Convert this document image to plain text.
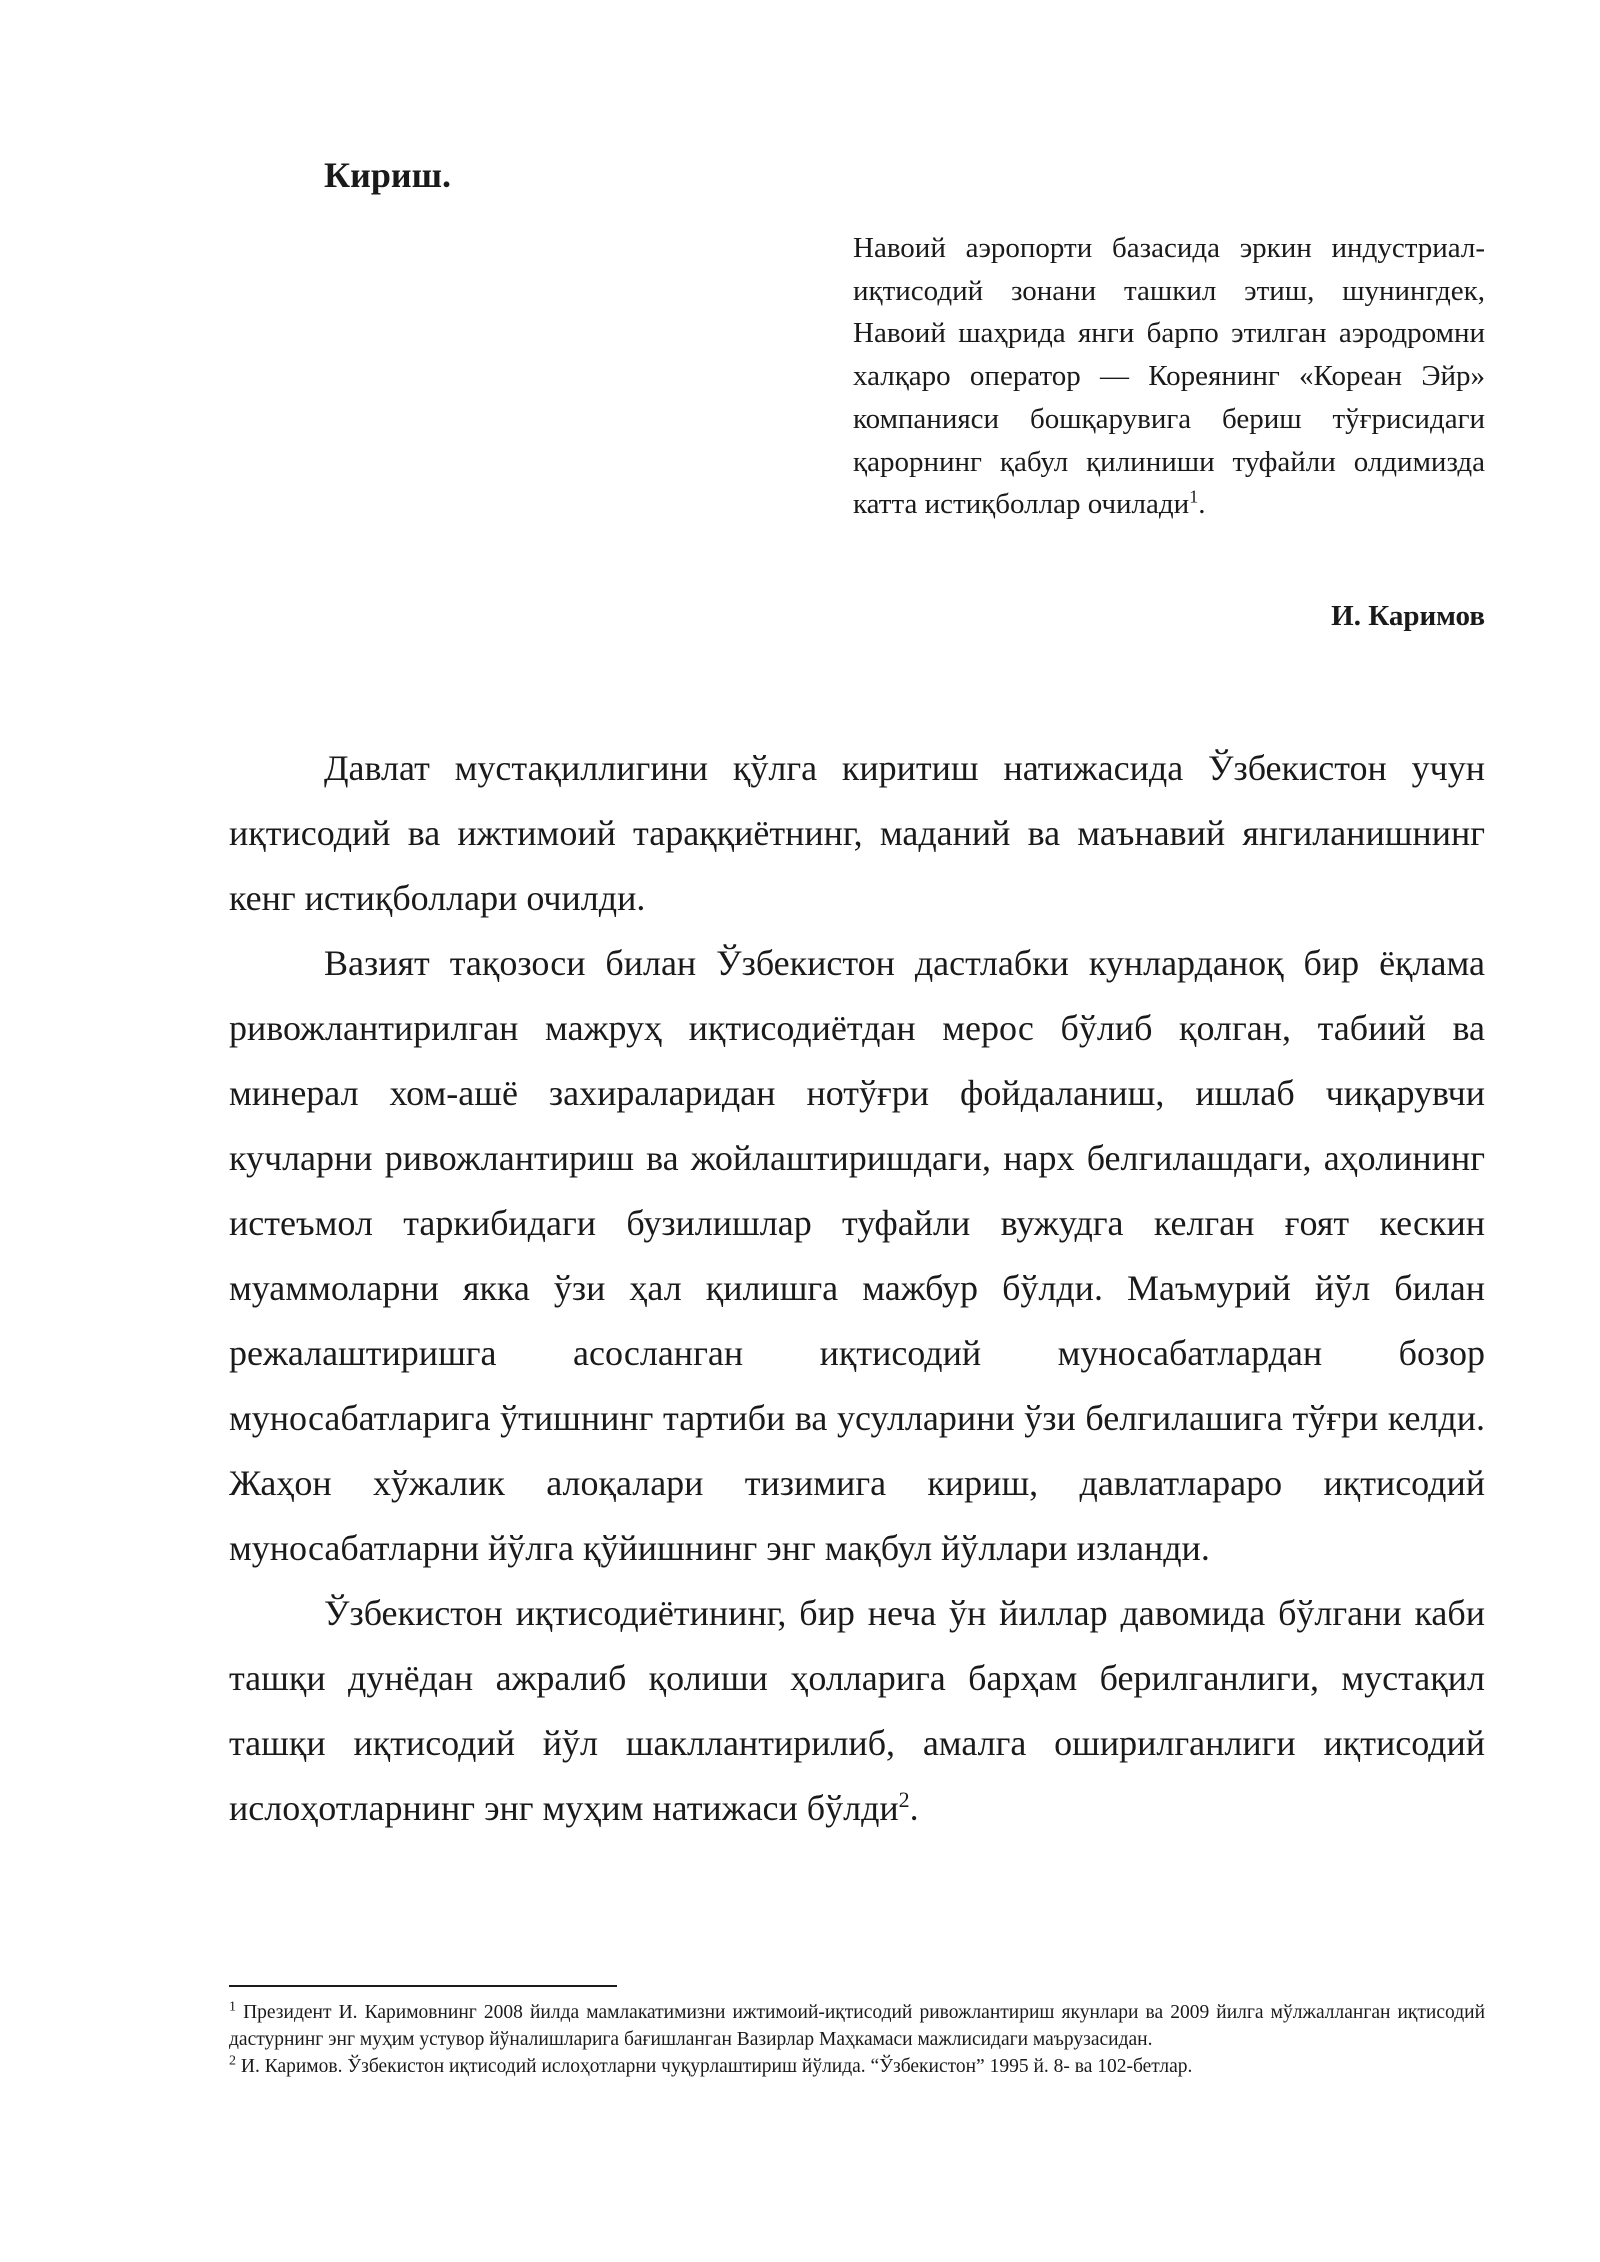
Кириш.

Навоий аэропорти базасида эркин индустриал-иқтисодий зонани ташкил этиш, шунингдек, Навоий шаҳрида янги барпо этилган аэродромни халқаро оператор — Кореянинг «Кореан Эйр» компанияси бошқарувига бериш тўғрисидаги қарорнинг қабул қилиниши туфайли олдимизда катта истиқболлар очилади$^1$.

И. Каримов

Давлат мустақиллигини қўлга киритиш натижасида Ўзбекистон учун иқтисодий ва ижтимоий тараққиётнинг, маданий ва маънавий янгиланишнинг кенг истиқболлари очилди.

Вазият тақозоси билан Ўзбекистон дастлабки кунларданоқ бир ёқлама ривожлантирилган мажруҳ иқтисодиётдан мерос бўлиб қолган, табиий ва минерал хом-ашё захираларидан нотўғри фойдаланиш, ишлаб чиқарувчи кучларни ривожлантириш ва жойлаштиришдаги, нарх белгилашдаги, аҳолининг истеъмол таркибидаги бузилишлар туфайли вужудга келган ғоят кескин муаммоларни якка ўзи ҳал қилишга мажбур бўлди. Маъмурий йўл билан режалаштиришга асосланган иқтисодий муносабатлардан бозор муносабатларига ўтишнинг тартиби ва усулларини ўзи белгилашига тўғри келди. Жаҳон хўжалик алоқалари тизимига кириш, давлатлараро иқтисодий муносабатларни йўлга қўйишнинг энг мақбул йўллари изланди.

Ўзбекистон иқтисодиётининг, бир неча ўн йиллар давомида бўлгани каби ташқи дунёдан ажралиб қолиши ҳолларига барҳам берилганлиги, мустақил ташқи иқтисодий йўл шакллантирилиб, амалга оширилганлиги иқтисодий ислоҳотларнинг энг муҳим натижаси бўлди$^2$.

$^1$ Президент И. Каримовнинг 2008 йилда мамлакатимизни ижтимоий-иқтисодий ривожлантириш якунлари ва 2009 йилга мўлжалланган иқтисодий дастурнинг энг муҳим устувор йўналишларига бағишланган Вазирлар Маҳкамаси мажлисидаги маърузасидан.

$^2$ И. Каримов. Ўзбекистон иқтисодий ислоҳотларни чуқурлаштириш йўлида. “Ўзбекистон” 1995 й. 8- ва 102-бетлар.
